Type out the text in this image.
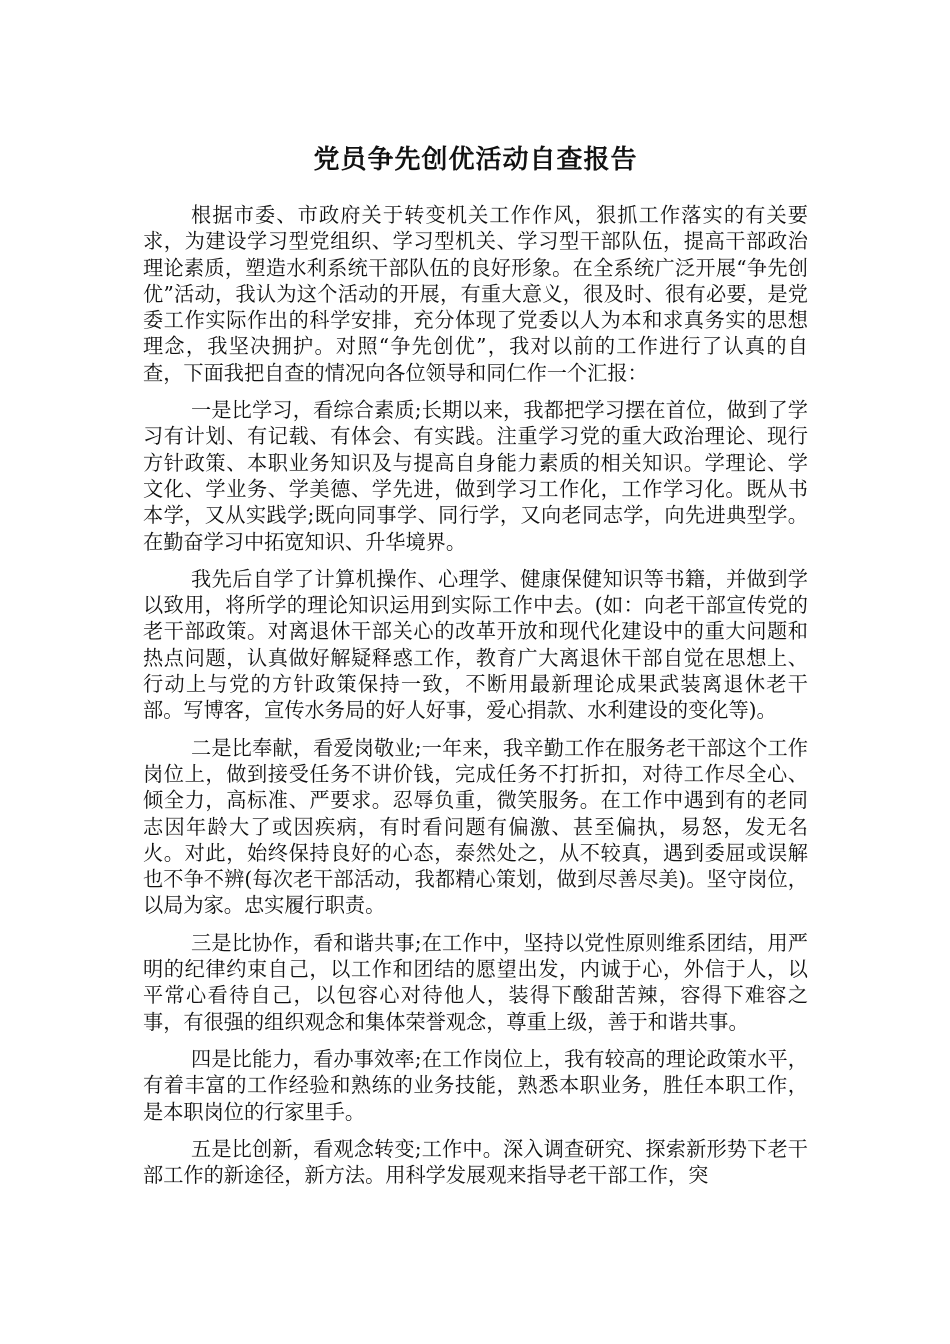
党员争先创优活动自查报告

根据市委、市政府关于转变机关工作作风，狠抓工作落实的有关要求，为建设学习型党组织、学习型机关、学习型干部队伍，提高干部政治理论素质，塑造水利系统干部队伍的良好形象。在全系统广泛开展“争先创优”活动，我认为这个活动的开展，有重大意义，很及时、很有必要，是党委工作实际作出的科学安排，充分体现了党委以人为本和求真务实的思想理念，我坚决拥护。对照“争先创优”，我对以前的工作进行了认真的自查，下面我把自查的情况向各位领导和同仁作一个汇报：

一是比学习，看综合素质;长期以来，我都把学习摆在首位，做到了学习有计划、有记载、有体会、有实践。注重学习党的重大政治理论、现行方针政策、本职业务知识及与提高自身能力素质的相关知识。学理论、学文化、学业务、学美德、学先进，做到学习工作化，工作学习化。既从书本学，又从实践学;既向同事学、同行学，又向老同志学，向先进典型学。在勤奋学习中拓宽知识、升华境界。

我先后自学了计算机操作、心理学、健康保健知识等书籍，并做到学以致用，将所学的理论知识运用到实际工作中去。(如：向老干部宣传党的老干部政策。对离退休干部关心的改革开放和现代化建设中的重大问题和热点问题，认真做好解疑释惑工作，教育广大离退休干部自觉在思想上、行动上与党的方针政策保持一致，不断用最新理论成果武装离退休老干部。写博客，宣传水务局的好人好事，爱心捐款、水利建设的变化等)。

二是比奉献，看爱岗敬业;一年来，我辛勤工作在服务老干部这个工作岗位上，做到接受任务不讲价钱，完成任务不打折扣，对待工作尽全心、倾全力，高标准、严要求。忍辱负重，微笑服务。在工作中遇到有的老同志因年龄大了或因疾病，有时看问题有偏激、甚至偏执，易怒，发无名火。对此，始终保持良好的心态，泰然处之，从不较真，遇到委屈或误解也不争不辨(每次老干部活动，我都精心策划，做到尽善尽美)。坚守岗位，以局为家。忠实履行职责。

三是比协作，看和谐共事;在工作中，坚持以党性原则维系团结，用严明的纪律约束自己，以工作和团结的愿望出发，内诚于心，外信于人，以平常心看待自己，以包容心对待他人，装得下酸甜苦辣，容得下难容之事，有很强的组织观念和集体荣誉观念，尊重上级，善于和谐共事。

四是比能力，看办事效率;在工作岗位上，我有较高的理论政策水平，有着丰富的工作经验和熟练的业务技能，熟悉本职业务，胜任本职工作，是本职岗位的行家里手。

五是比创新，看观念转变;工作中。深入调查研究、探索新形势下老干部工作的新途径，新方法。用科学发展观来指导老干部工作，突
